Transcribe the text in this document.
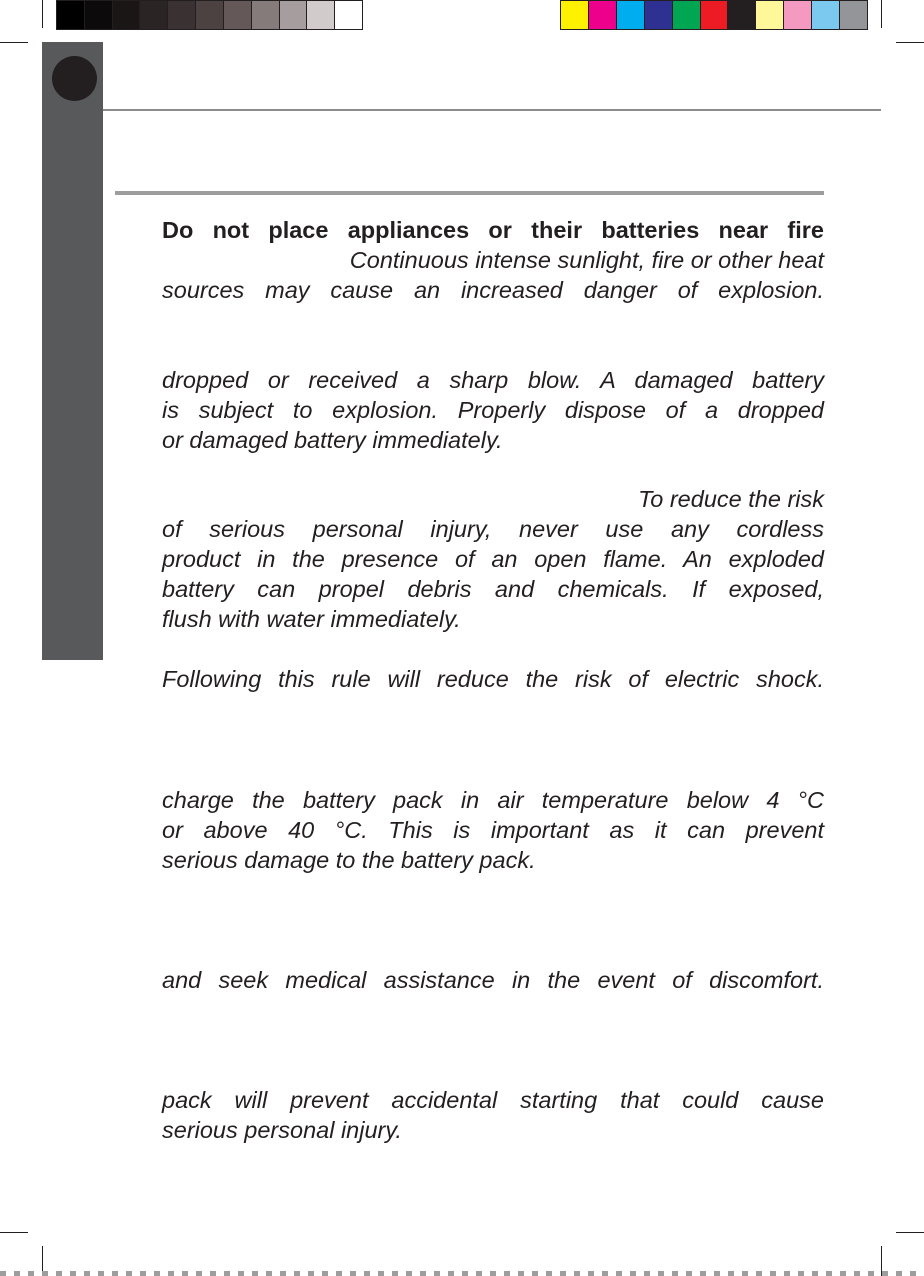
Do not place appliances or their batteries near fire
Continuous intense sunlight, fire or other heat
sources may cause an increased danger of explosion.
dropped or received a sharp blow. A damaged battery
is subject to explosion. Properly dispose of a dropped
or damaged battery immediately.
To reduce the risk
of serious personal injury, never use any cordless
product in the presence of an open flame. An exploded
battery can propel debris and chemicals. If exposed,
flush with water immediately.
Following this rule will reduce the risk of electric shock.
charge the battery pack in air temperature below 4 °C
or above 40 °C. This is important as it can prevent
serious damage to the battery pack.
and seek medical assistance in the event of discomfort.
pack will prevent accidental starting that could cause
serious personal injury.
